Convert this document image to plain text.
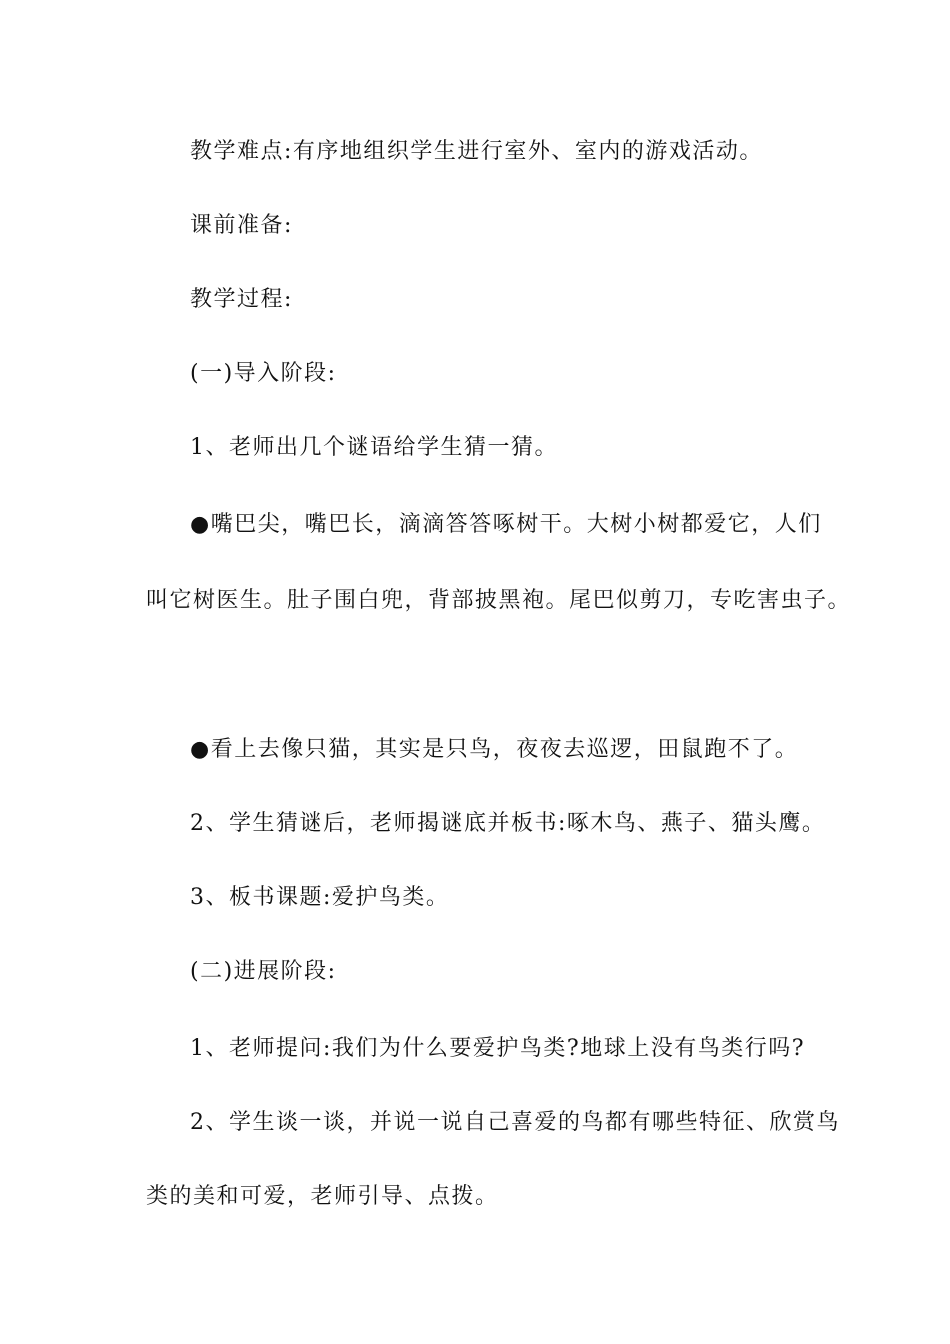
教学难点:有序地组织学生进行室外、室内的游戏活动。
课前准备:
教学过程:
(一)导入阶段:
1、老师出几个谜语给学生猜一猜。
●嘴巴尖，嘴巴长，滴滴答答啄树干。大树小树都爱它，人们
叫它树医生。肚子围白兜，背部披黑袍。尾巴似剪刀，专吃害虫子。
●看上去像只猫，其实是只鸟，夜夜去巡逻，田鼠跑不了。
2、学生猜谜后，老师揭谜底并板书:啄木鸟、燕子、猫头鹰。
3、板书课题:爱护鸟类。
(二)进展阶段:
1、老师提问:我们为什么要爱护鸟类?地球上没有鸟类行吗?
2、学生谈一谈，并说一说自己喜爱的鸟都有哪些特征、欣赏鸟
类的美和可爱，老师引导、点拨。
